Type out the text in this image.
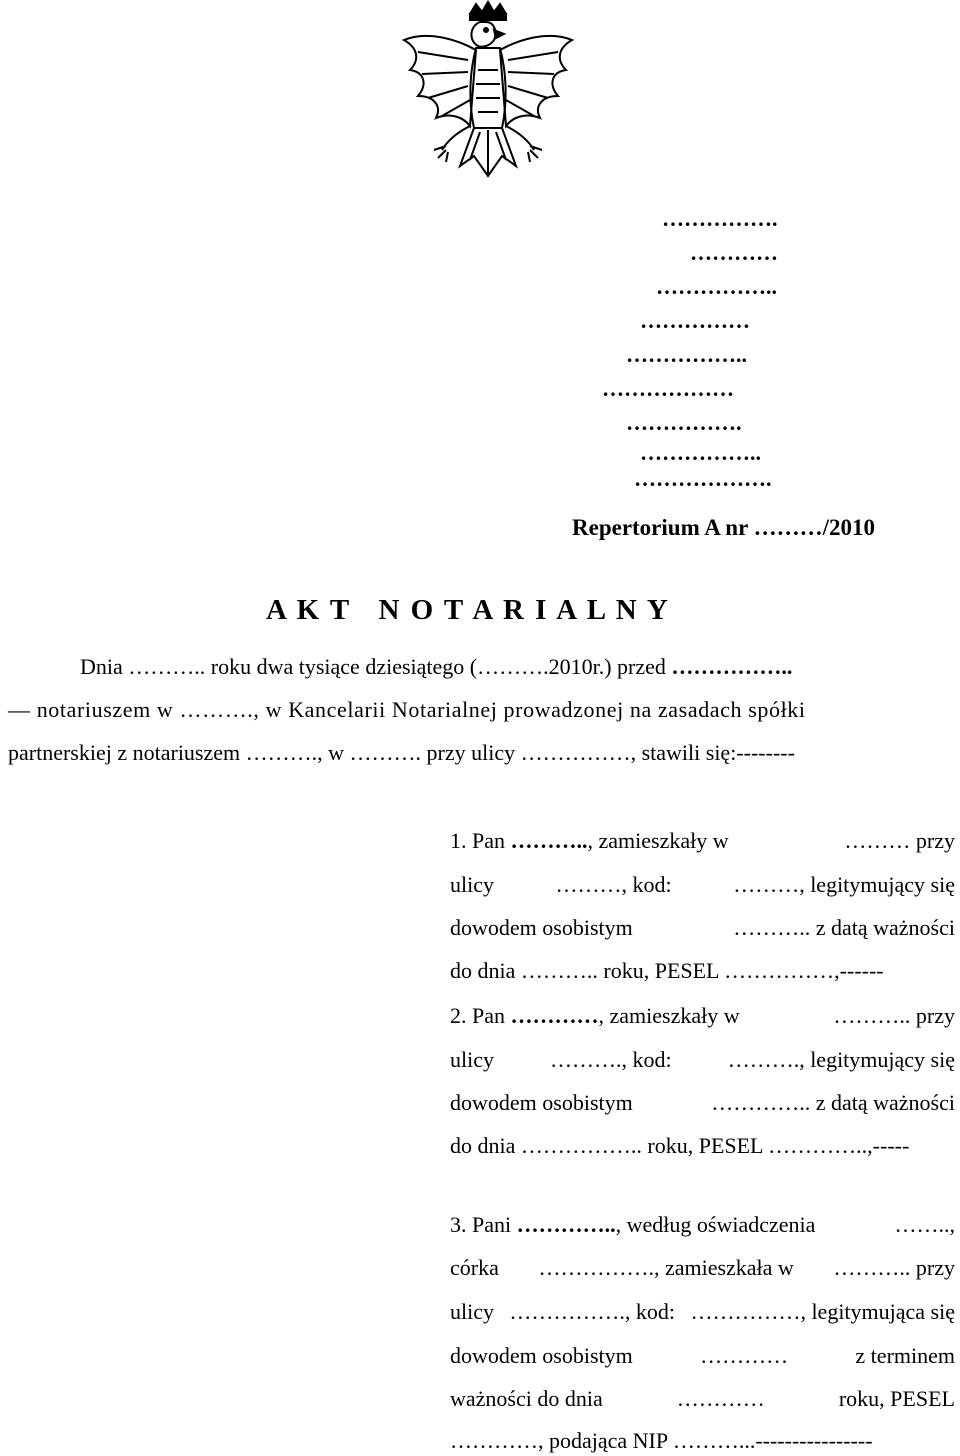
…………….
…………
……………..
……………
……………..
………………
…………….
……………..
……………….
Repertorium A nr ………/2010
A K T   N O T A R I A L N Y
Dnia ……….. roku dwa tysiące dziesiątego (……….2010r.) przed ……………..
— notariuszem w ………., w Kancelarii Notarialnej prowadzonej na zasadach spółki
partnerskiej z notariuszem ………., w ………. przy ulicy ……………, stawili się:--------
1. Pan ……….., zamieszkały w	……… przy
ulicy	………, kod:	………, legitymujący się
dowodem osobistym	……….. z datą ważności
do dnia ……….. roku, PESEL ……………,------
2. Pan …………, zamieszkały w	……….. przy
ulicy	………., kod:	………., legitymujący się
dowodem osobistym	………….. z datą ważności
do dnia …………….. roku, PESEL …………..,-----
3. Pani ………….., według oświadczenia	……..,
córka ……………., zamieszkała w ……….. przy
ulicy ……………., kod: ……………, legitymująca się
dowodem osobistym	…………	z terminem
ważności do dnia	…………	roku, PESEL
…………, podająca NIP ………...----------------
